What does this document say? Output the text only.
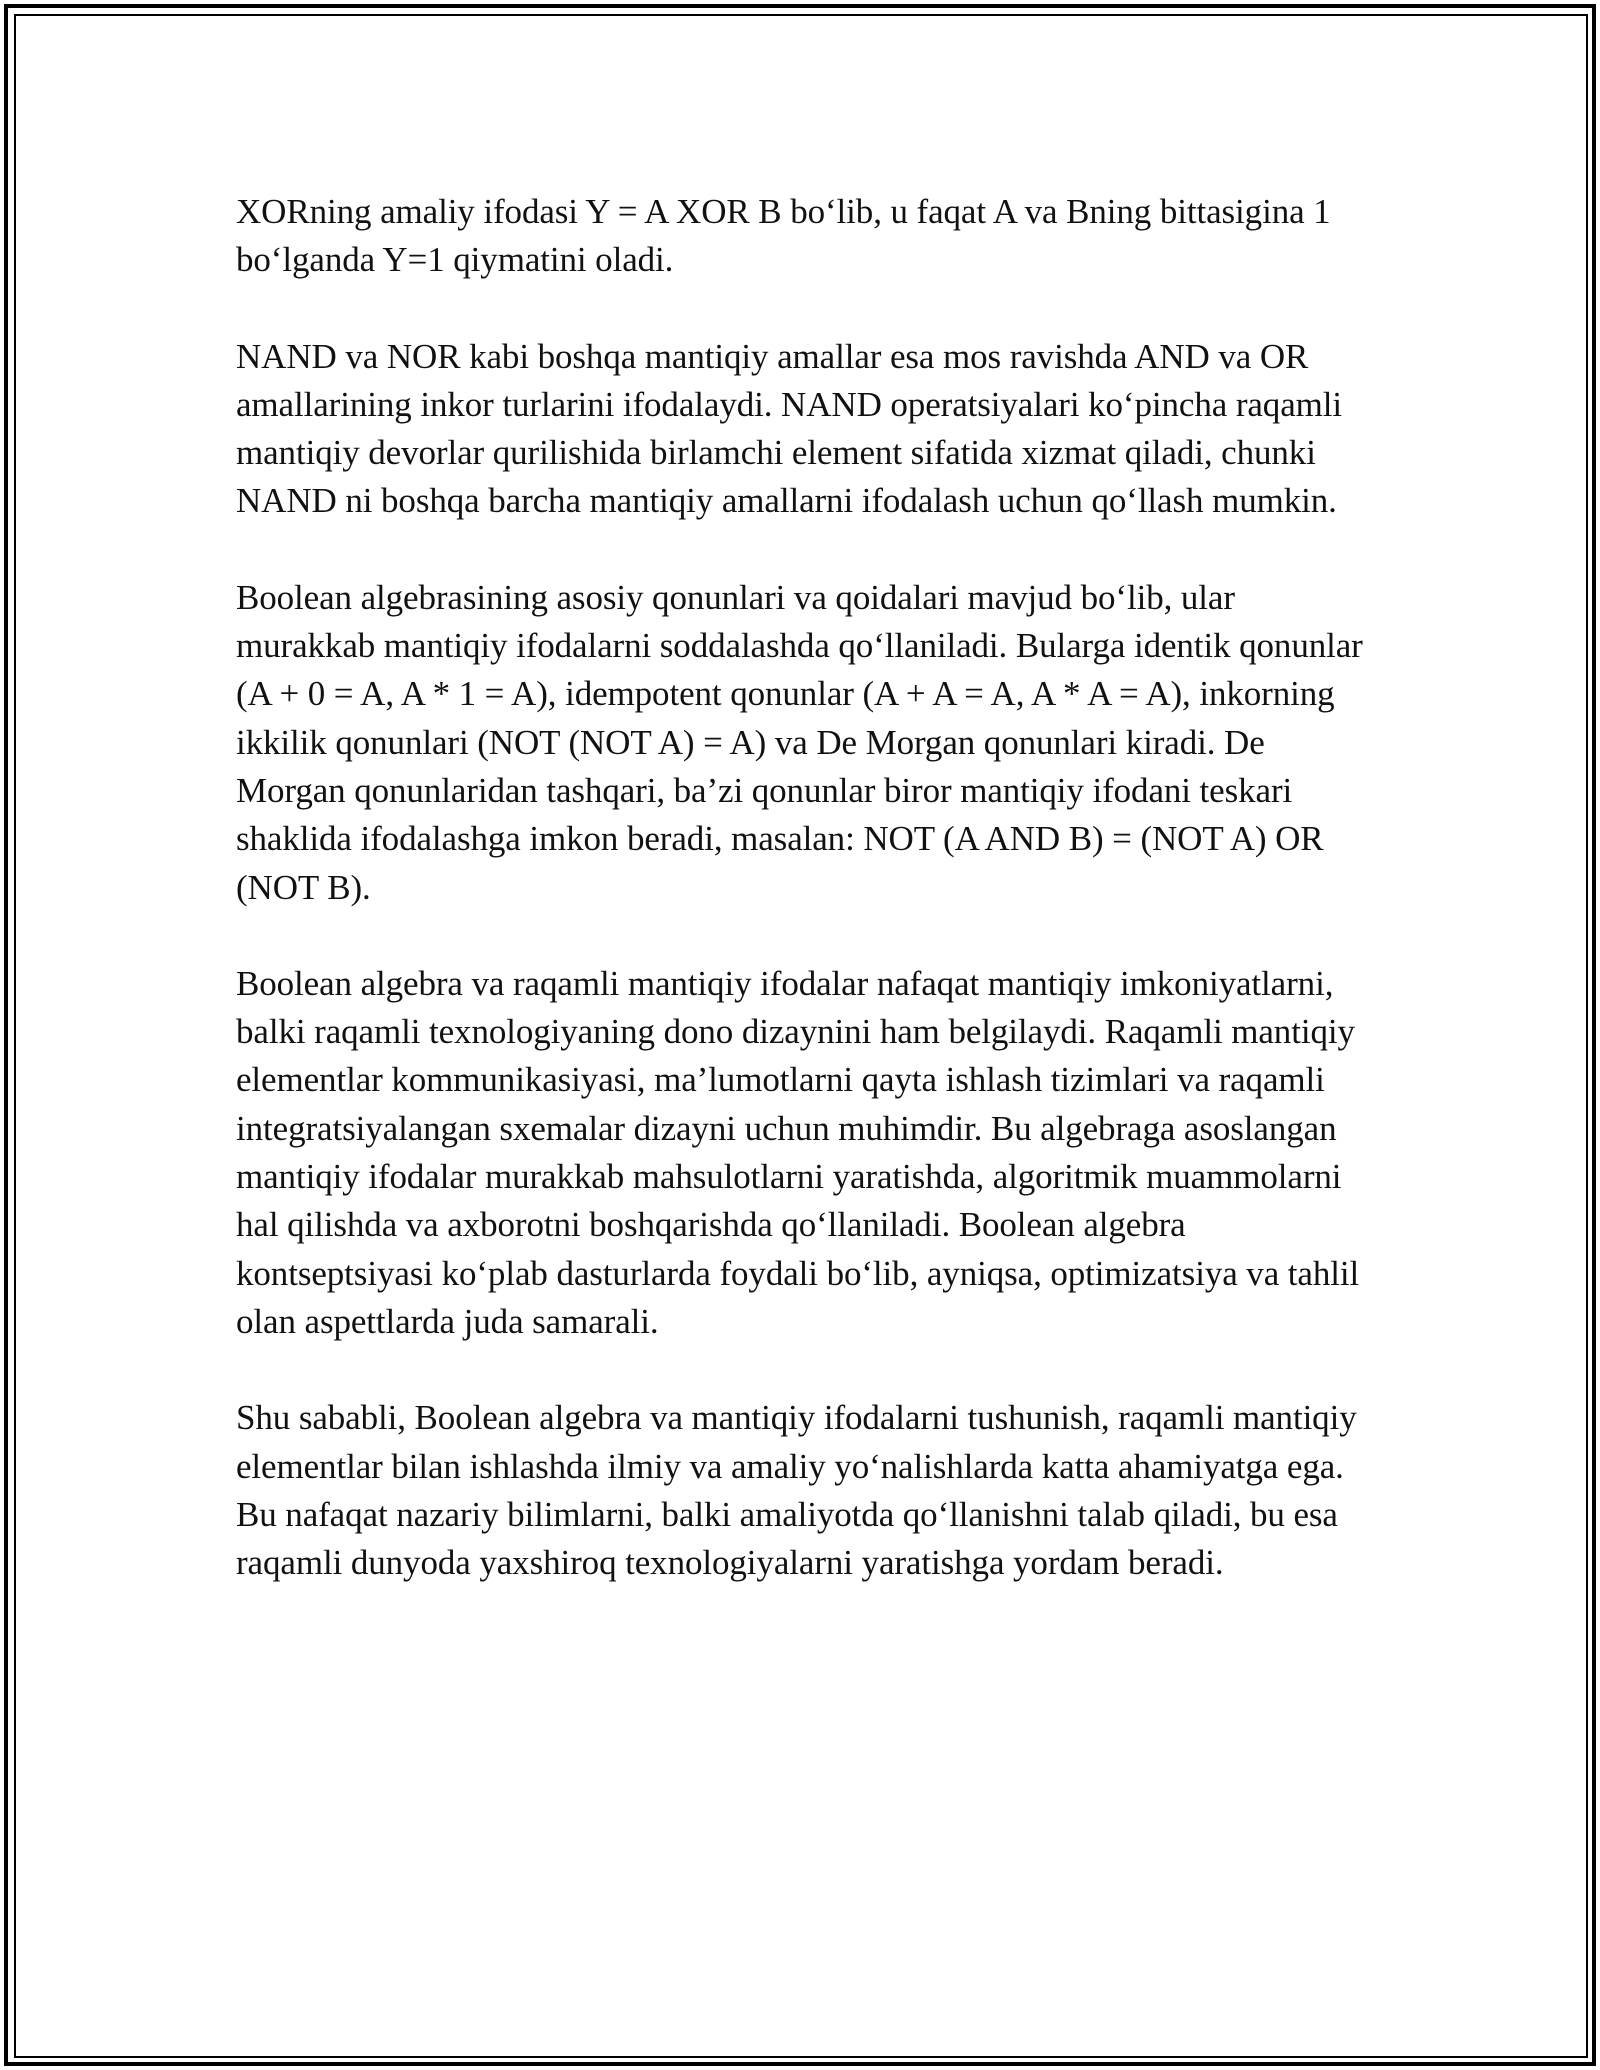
XORning amaliy ifodasi Y = A XOR B bo‘lib, u faqat A va Bning bittasigina 1 bo‘lganda Y=1 qiymatini oladi.

NAND va NOR kabi boshqa mantiqiy amallar esa mos ravishda AND va OR amallarining inkor turlarini ifodalaydi. NAND operatsiyalari ko‘pincha raqamli mantiqiy devorlar qurilishida birlamchi element sifatida xizmat qiladi, chunki NAND ni boshqa barcha mantiqiy amallarni ifodalash uchun qo‘llash mumkin.

Boolean algebrasining asosiy qonunlari va qoidalari mavjud bo‘lib, ular murakkab mantiqiy ifodalarni soddalashda qo‘llaniladi. Bularga identik qonunlar (A + 0 = A, A * 1 = A), idempotent qonunlar (A + A = A, A * A = A), inkorning ikkilik qonunlari (NOT (NOT A) = A) va De Morgan qonunlari kiradi. De Morgan qonunlaridan tashqari, ba’zi qonunlar biror mantiqiy ifodani teskari shaklida ifodalashga imkon beradi, masalan: NOT (A AND B) = (NOT A) OR (NOT B).

Boolean algebra va raqamli mantiqiy ifodalar nafaqat mantiqiy imkoniyatlarni, balki raqamli texnologiyaning dono dizaynini ham belgilaydi. Raqamli mantiqiy elementlar kommunikasiyasi, ma’lumotlarni qayta ishlash tizimlari va raqamli integratsiyalangan sxemalar dizayni uchun muhimdir. Bu algebraga asoslangan mantiqiy ifodalar murakkab mahsulotlarni yaratishda, algoritmik muammolarni hal qilishda va axborotni boshqarishda qo‘llaniladi. Boolean algebra kontseptsiyasi ko‘plab dasturlarda foydali bo‘lib, ayniqsa, optimizatsiya va tahlil olan aspettlarda juda samarali.

Shu sababli, Boolean algebra va mantiqiy ifodalarni tushunish, raqamli mantiqiy elementlar bilan ishlashda ilmiy va amaliy yo‘nalishlarda katta ahamiyatga ega. Bu nafaqat nazariy bilimlarni, balki amaliyotda qo‘llanishni talab qiladi, bu esa raqamli dunyoda yaxshiroq texnologiyalarni yaratishga yordam beradi.
